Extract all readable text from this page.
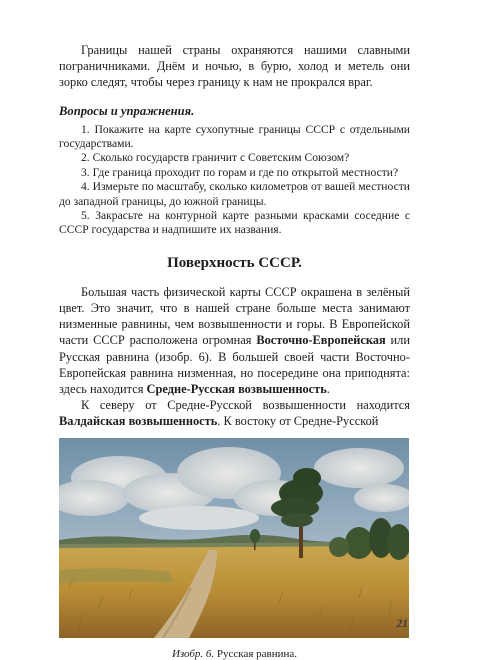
Границы нашей страны охраняются нашими славными пограничниками. Днём и ночью, в бурю, холод и метель они зорко следят, чтобы через границу к нам не прокрался враг.

Вопросы и упражнения.

1. Покажите на карте сухопутные границы СССР с отдельными государствами.

2. Сколько государств граничит с Советским Союзом?

3. Где граница проходит по горам и где по открытой местности?

4. Измерьте по масштабу, сколько километров от вашей местности до западной границы, до южной границы.

5. Закрасьте на контурной карте разными красками соседние с СССР государства и надпишите их названия.

Поверхность СССР.

Большая часть физической карты СССР окрашена в зелёный цвет. Это значит, что в нашей стране больше места занимают низменные равнины, чем возвышенности и горы. В Европейской части СССР расположена огромная Восточно-Европейская или Русская равнина (изобр. 6). В большей своей части Восточно-Европейская равнина низменная, но посередине она приподнята: здесь находится Средне-Русская возвышенность.

К северу от Средне-Русской возвышенности находится Валдайская возвышенность. К востоку от Средне-Русской

Изобр. 6. Русская равнина.

21
